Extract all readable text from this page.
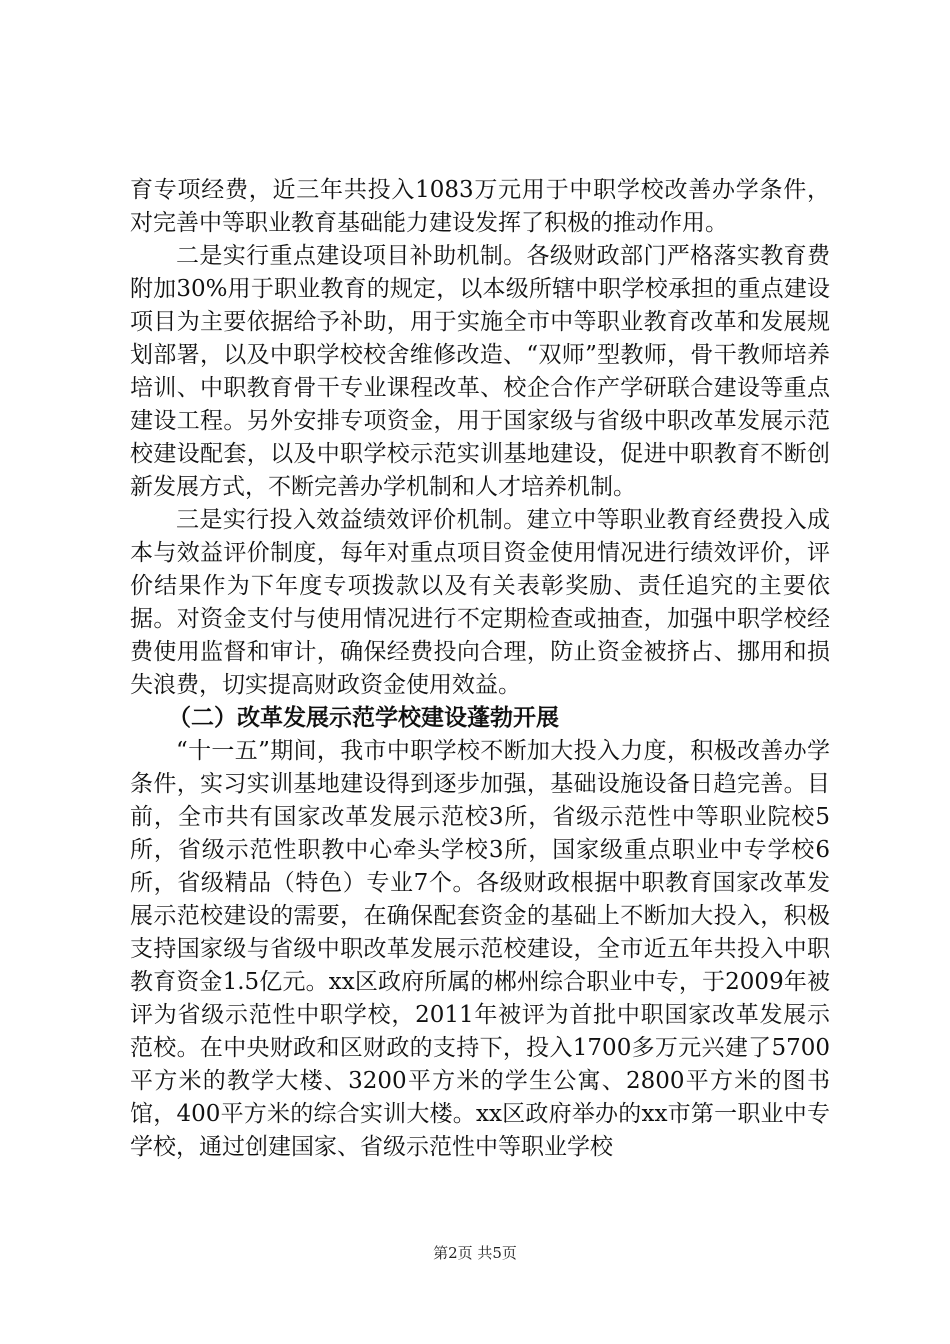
育专项经费，近三年共投入1083万元用于中职学校改善办学条件，对完善中等职业教育基础能力建设发挥了积极的推动作用。

二是实行重点建设项目补助机制。各级财政部门严格落实教育费附加30%用于职业教育的规定，以本级所辖中职学校承担的重点建设项目为主要依据给予补助，用于实施全市中等职业教育改革和发展规划部署，以及中职学校校舍维修改造、“双师”型教师，骨干教师培养培训、中职教育骨干专业课程改革、校企合作产学研联合建设等重点建设工程。另外安排专项资金，用于国家级与省级中职改革发展示范校建设配套，以及中职学校示范实训基地建设，促进中职教育不断创新发展方式，不断完善办学机制和人才培养机制。

三是实行投入效益绩效评价机制。建立中等职业教育经费投入成本与效益评价制度，每年对重点项目资金使用情况进行绩效评价，评价结果作为下年度专项拨款以及有关表彰奖励、责任追究的主要依据。对资金支付与使用情况进行不定期检查或抽查，加强中职学校经费使用监督和审计，确保经费投向合理，防止资金被挤占、挪用和损失浪费，切实提高财政资金使用效益。

（二）改革发展示范学校建设蓬勃开展

“十一五”期间，我市中职学校不断加大投入力度，积极改善办学条件，实习实训基地建设得到逐步加强，基础设施设备日趋完善。目前，全市共有国家改革发展示范校3所，省级示范性中等职业院校5所，省级示范性职教中心牵头学校3所，国家级重点职业中专学校6所，省级精品（特色）专业7个。各级财政根据中职教育国家改革发展示范校建设的需要，在确保配套资金的基础上不断加大投入，积极支持国家级与省级中职改革发展示范校建设，全市近五年共投入中职教育资金1.5亿元。xx区政府所属的郴州综合职业中专，于2009年被评为省级示范性中职学校，2011年被评为首批中职国家改革发展示范校。在中央财政和区财政的支持下，投入1700多万元兴建了5700平方米的教学大楼、3200平方米的学生公寓、2800平方米的图书馆，400平方米的综合实训大楼。xx区政府举办的xx市第一职业中专学校，通过创建国家、省级示范性中等职业学校

第2页 共5页
